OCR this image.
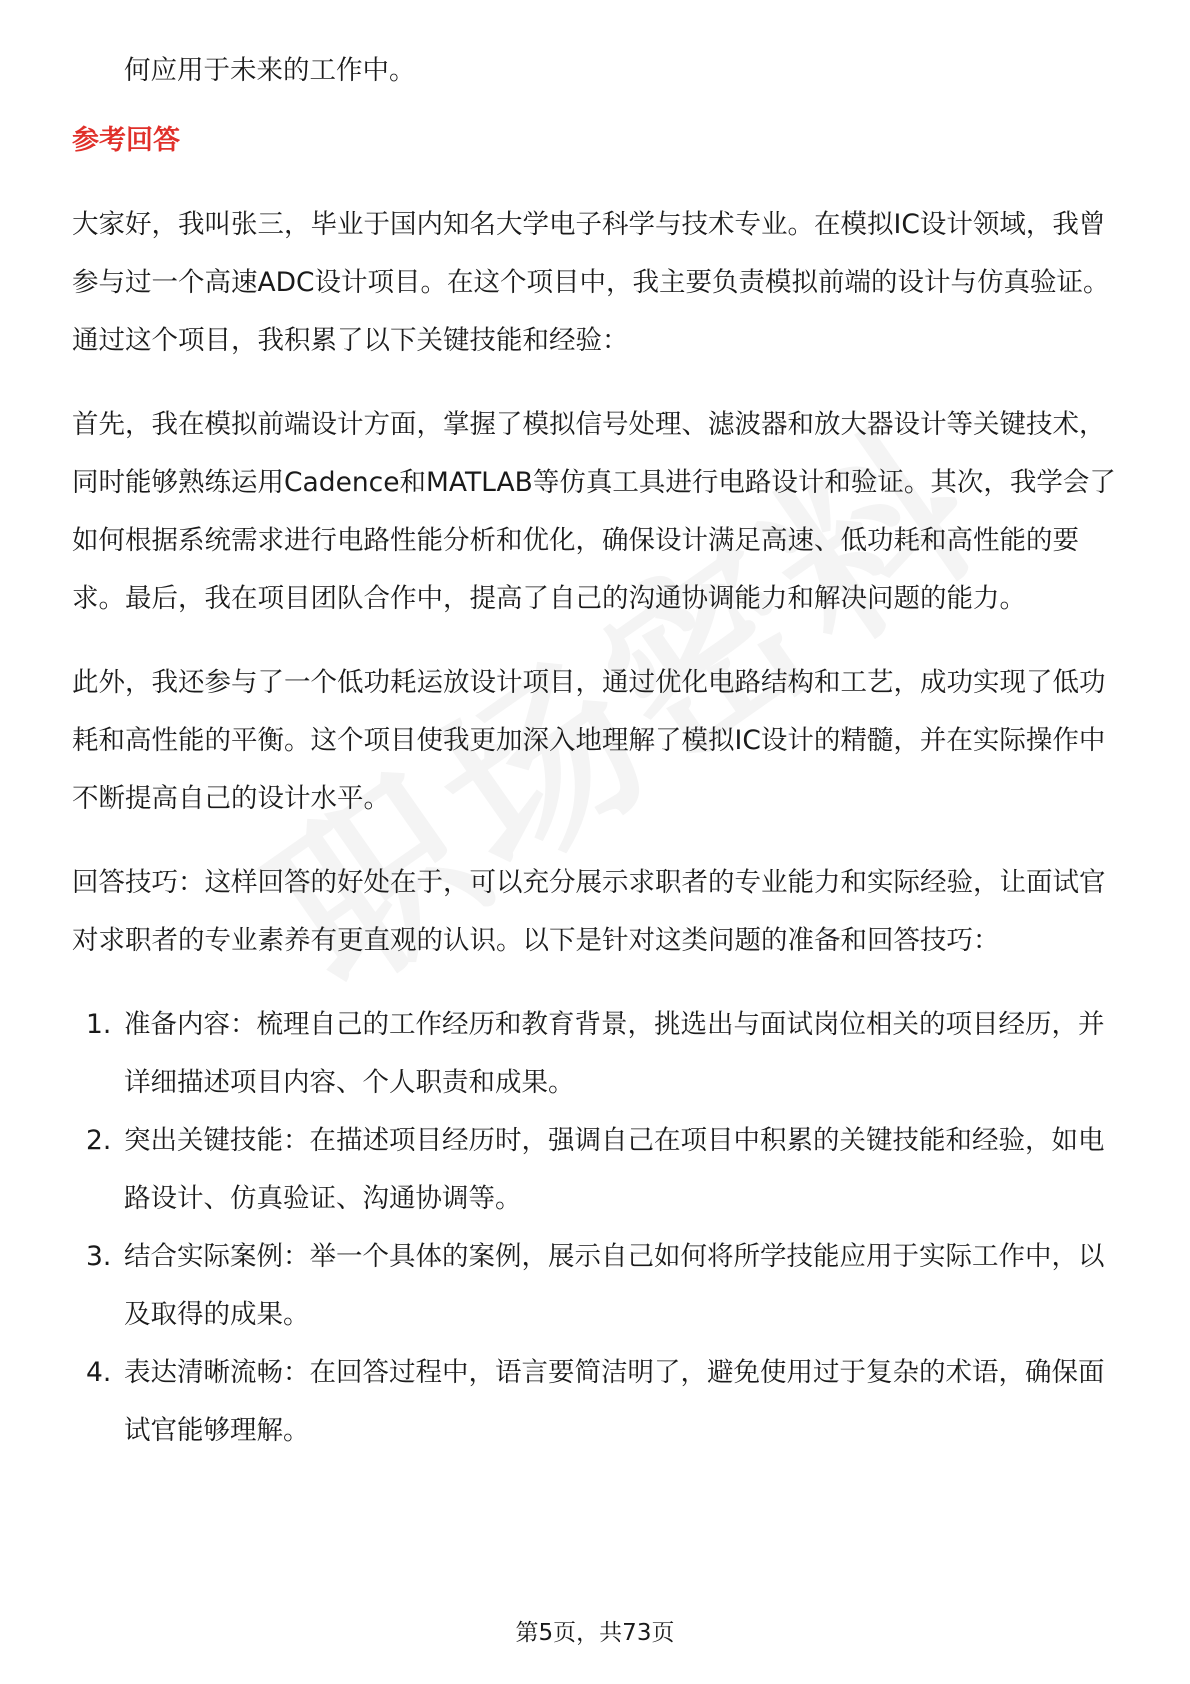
何应用于未来的工作中。

参考回答

大家好，我叫张三，毕业于国内知名大学电子科学与技术专业。在模拟IC设计领域，我曾参与过一个高速ADC设计项目。在这个项目中，我主要负责模拟前端的设计与仿真验证。通过这个项目，我积累了以下关键技能和经验：

首先，我在模拟前端设计方面，掌握了模拟信号处理、滤波器和放大器设计等关键技术，同时能够熟练运用Cadence和MATLAB等仿真工具进行电路设计和验证。其次，我学会了如何根据系统需求进行电路性能分析和优化，确保设计满足高速、低功耗和高性能的要求。最后，我在项目团队合作中，提高了自己的沟通协调能力和解决问题的能力。

此外，我还参与了一个低功耗运放设计项目，通过优化电路结构和工艺，成功实现了低功耗和高性能的平衡。这个项目使我更加深入地理解了模拟IC设计的精髓，并在实际操作中不断提高自己的设计水平。

回答技巧：这样回答的好处在于，可以充分展示求职者的专业能力和实际经验，让面试官对求职者的专业素养有更直观的认识。以下是针对这类问题的准备和回答技巧：

1. 准备内容：梳理自己的工作经历和教育背景，挑选出与面试岗位相关的项目经历，并详细描述项目内容、个人职责和成果。
2. 突出关键技能：在描述项目经历时，强调自己在项目中积累的关键技能和经验，如电路设计、仿真验证、沟通协调等。
3. 结合实际案例：举一个具体的案例，展示自己如何将所学技能应用于实际工作中，以及取得的成果。
4. 表达清晰流畅：在回答过程中，语言要简洁明了，避免使用过于复杂的术语，确保面试官能够理解。
第5页，共73页
